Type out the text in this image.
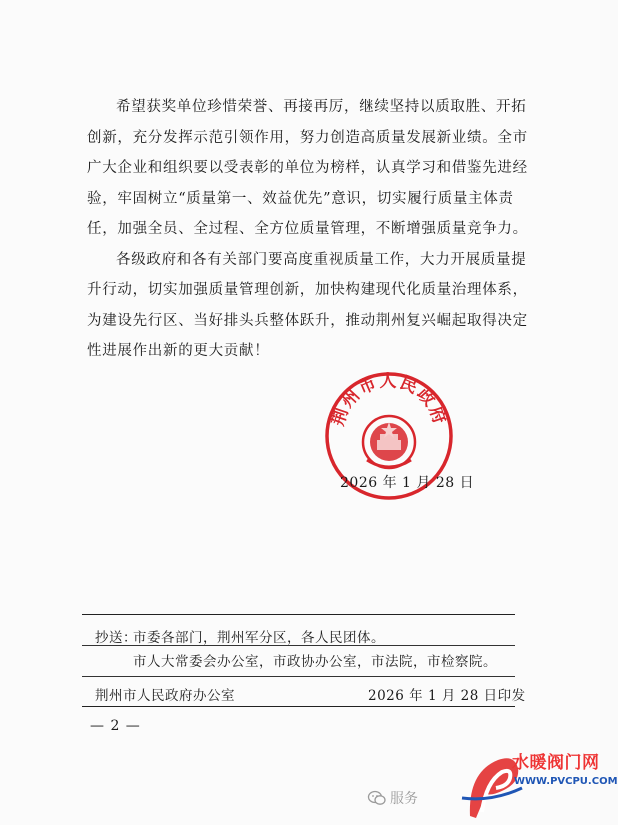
希望获奖单位珍惜荣誉、再接再厉，继续坚持以质取胜、开拓创新，充分发挥示范引领作用，努力创造高质量发展新业绩。全市广大企业和组织要以受表彰的单位为榜样，认真学习和借鉴先进经验，牢固树立“质量第一、效益优先”意识，切实履行质量主体责任，加强全员、全过程、全方位质量管理，不断增强质量竞争力。

各级政府和各有关部门要高度重视质量工作，大力开展质量提升行动，切实加强质量管理创新，加快构建现代化质量治理体系，为建设先行区、当好排头兵整体跃升，推动荆州复兴崛起取得决定性进展作出新的更大贡献！

荆州市人民政府
2026 年 1 月 28 日
抄送：
市委各部门，荆州军分区，各人民团体。
市人大常委会办公室，市政协办公室，市法院，市检察院。
荆州市人民政府办公室	2026 年 1 月 28 日印发
— 2 —
服务
水暖阀门网
WWW.PVCPU.COM
